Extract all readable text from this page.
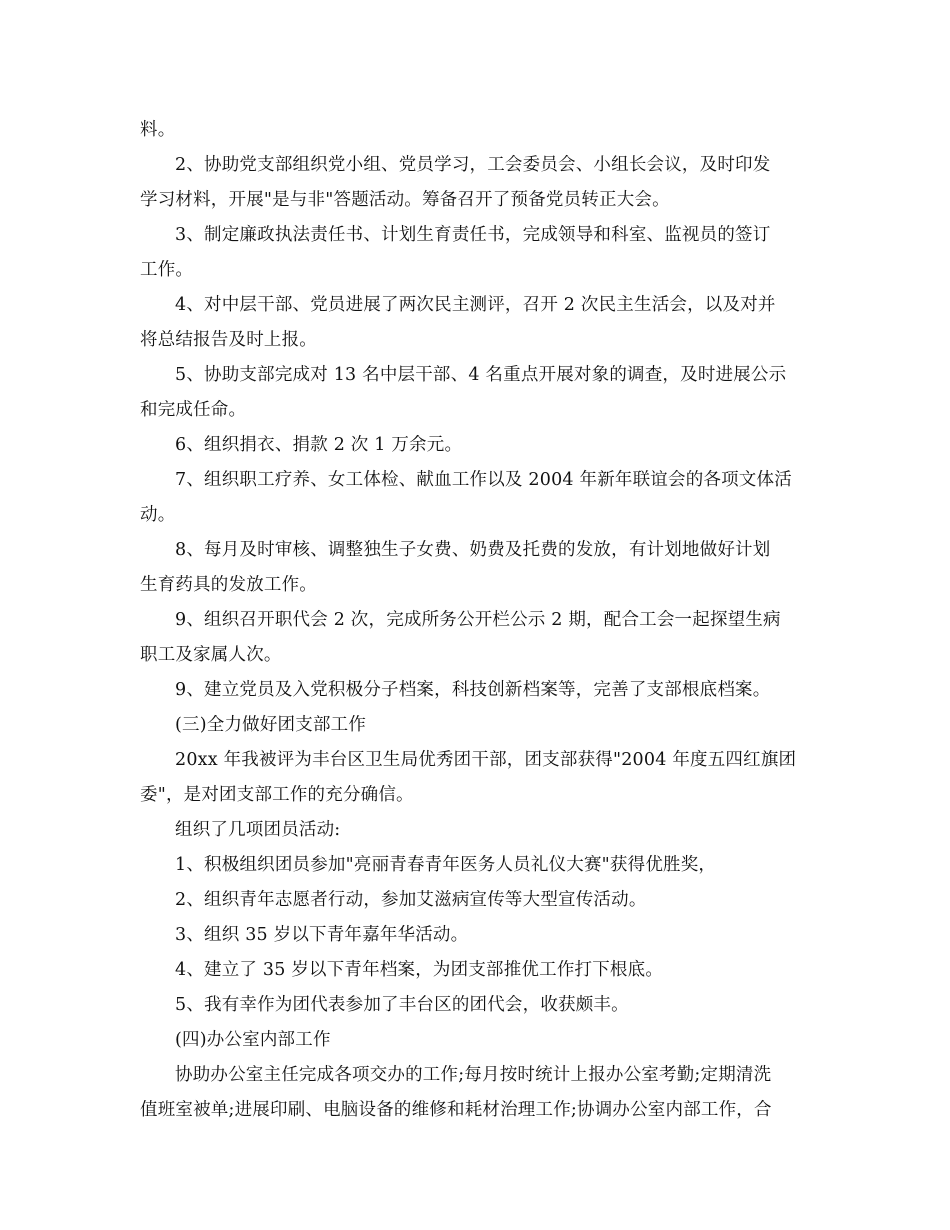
料。
2、协助党支部组织党小组、党员学习，工会委员会、小组长会议，及时印发
学习材料，开展"是与非"答题活动。筹备召开了预备党员转正大会。
3、制定廉政执法责任书、计划生育责任书，完成领导和科室、监视员的签订
工作。
4、对中层干部、党员进展了两次民主测评，召开 2 次民主生活会，以及对并
将总结报告及时上报。
5、协助支部完成对 13 名中层干部、4 名重点开展对象的调查，及时进展公示
和完成任命。
6、组织捐衣、捐款 2 次 1 万余元。
7、组织职工疗养、女工体检、献血工作以及 2004 年新年联谊会的各项文体活
动。
8、每月及时审核、调整独生子女费、奶费及托费的发放，有计划地做好计划
生育药具的发放工作。
9、组织召开职代会 2 次，完成所务公开栏公示 2 期，配合工会一起探望生病
职工及家属人次。
9、建立党员及入党积极分子档案，科技创新档案等，完善了支部根底档案。
(三)全力做好团支部工作
20xx 年我被评为丰台区卫生局优秀团干部，团支部获得"2004 年度五四红旗团
委"，是对团支部工作的充分确信。
组织了几项团员活动:
1、积极组织团员参加"亮丽青春青年医务人员礼仪大赛"获得优胜奖，
2、组织青年志愿者行动，参加艾滋病宣传等大型宣传活动。
3、组织 35 岁以下青年嘉年华活动。
4、建立了 35 岁以下青年档案，为团支部推优工作打下根底。
5、我有幸作为团代表参加了丰台区的团代会，收获颇丰。
(四)办公室内部工作
协助办公室主任完成各项交办的工作;每月按时统计上报办公室考勤;定期清洗
值班室被单;进展印刷、电脑设备的维修和耗材治理工作;协调办公室内部工作，合
